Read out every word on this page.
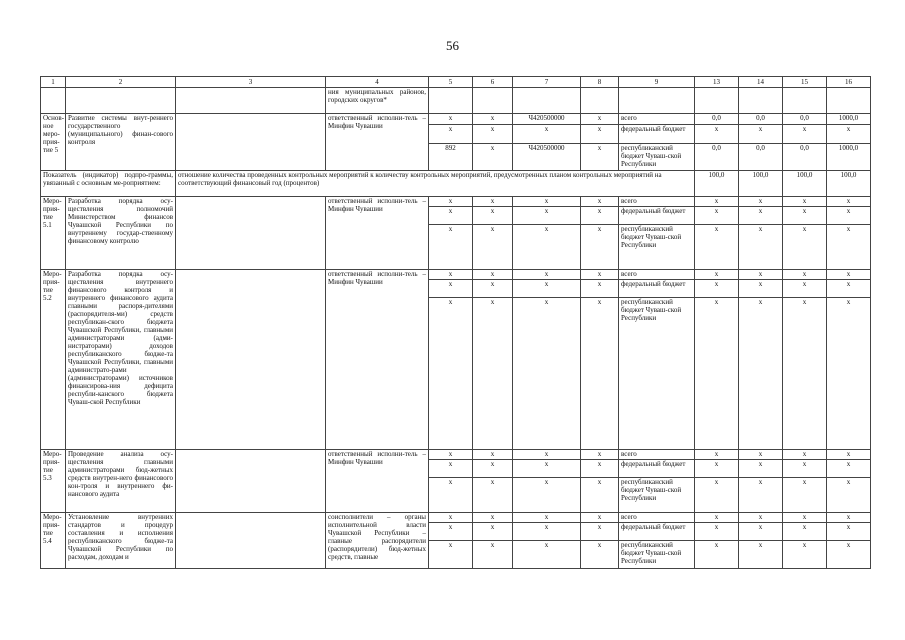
56
1	2	3	4	5	6	7	8	9	13	14	15	16
			ния муниципальных районов, городских округов*									
Основ-ное меро-прия-тие 5	Развитие системы внут-реннего государственного (муниципального) финан-сового контроля		ответственный исполни-тель – Минфин Чувашии	x	x	Ч420500000	x	всего	0,0	0,0	0,0	1000,0
				x	x	x	x	федеральный бюджет	x	x	x	x
				892	x	Ч420500000	x	республиканский бюджет Чуваш-ской Республики	0,0	0,0	0,0	1000,0
Показатель (индикатор) подпро-граммы, увязанный с основным ме-роприятием:		отношение количества проведенных контрольных мероприятий к количеству контрольных мероприятий, предусмотренных планом контрольных мероприятий на соответствующий финансовый год (процентов)							100,0	100,0	100,0	100,0
Меро-прия-тие 5.1	Разработка порядка осу-ществления полномочий Министерством финансов Чувашской Республики по внутреннему государ-ственному финансовому контролю		ответственный исполни-тель – Минфин Чувашии	x	x	x	x	всего	x	x	x	x
				x	x	x	x	федеральный бюджет	x	x	x	x
				x	x	x	x	республиканский бюджет Чуваш-ской Республики	x	x	x	x
Меро-прия-тие 5.2	Разработка порядка осу-ществления внутреннего финансового контроля и внутреннего финансового аудита главными распоря-дителями (распорядителя-ми) средств республикан-ского бюджета Чувашской Республики, главными администраторами (адми-нистраторами) доходов республиканского бюдже-та Чувашской Республики, главными администрато-рами (администраторами) источников финансирова-ния дефицита республи-канского бюджета Чуваш-ской Республики		ответственный исполни-тель – Минфин Чувашии	x	x	x	x	всего	x	x	x	x
				x	x	x	x	федеральный бюджет	x	x	x	x
				x	x	x	x	республиканский бюджет Чуваш-ской Республики	x	x	x	x
Меро-прия-тие 5.3	Проведение анализа осу-ществления главными администраторами бюд-жетных средств внутрен-него финансового кон-троля и внутреннего фи-нансового аудита		ответственный исполни-тель – Минфин Чувашии	x	x	x	x	всего	x	x	x	x
				x	x	x	x	федеральный бюджет	x	x	x	x
				x	x	x	x	республиканский бюджет Чуваш-ской Республики	x	x	x	x
Меро-прия-тие 5.4	Установление внутренних стандартов и процедур составления и исполнения республиканского бюдже-та Чувашской Республики по расходам, доходам и		соисполнители – органы исполнительной власти Чувашской Республики – главные распорядители (распорядители) бюд-жетных средств, главные	x	x	x	x	всего	x	x	x	x
				x	x	x	x	федеральный бюджет	x	x	x	x
				x	x	x	x	республиканский бюджет Чуваш-ской Республики	x	x	x	x
